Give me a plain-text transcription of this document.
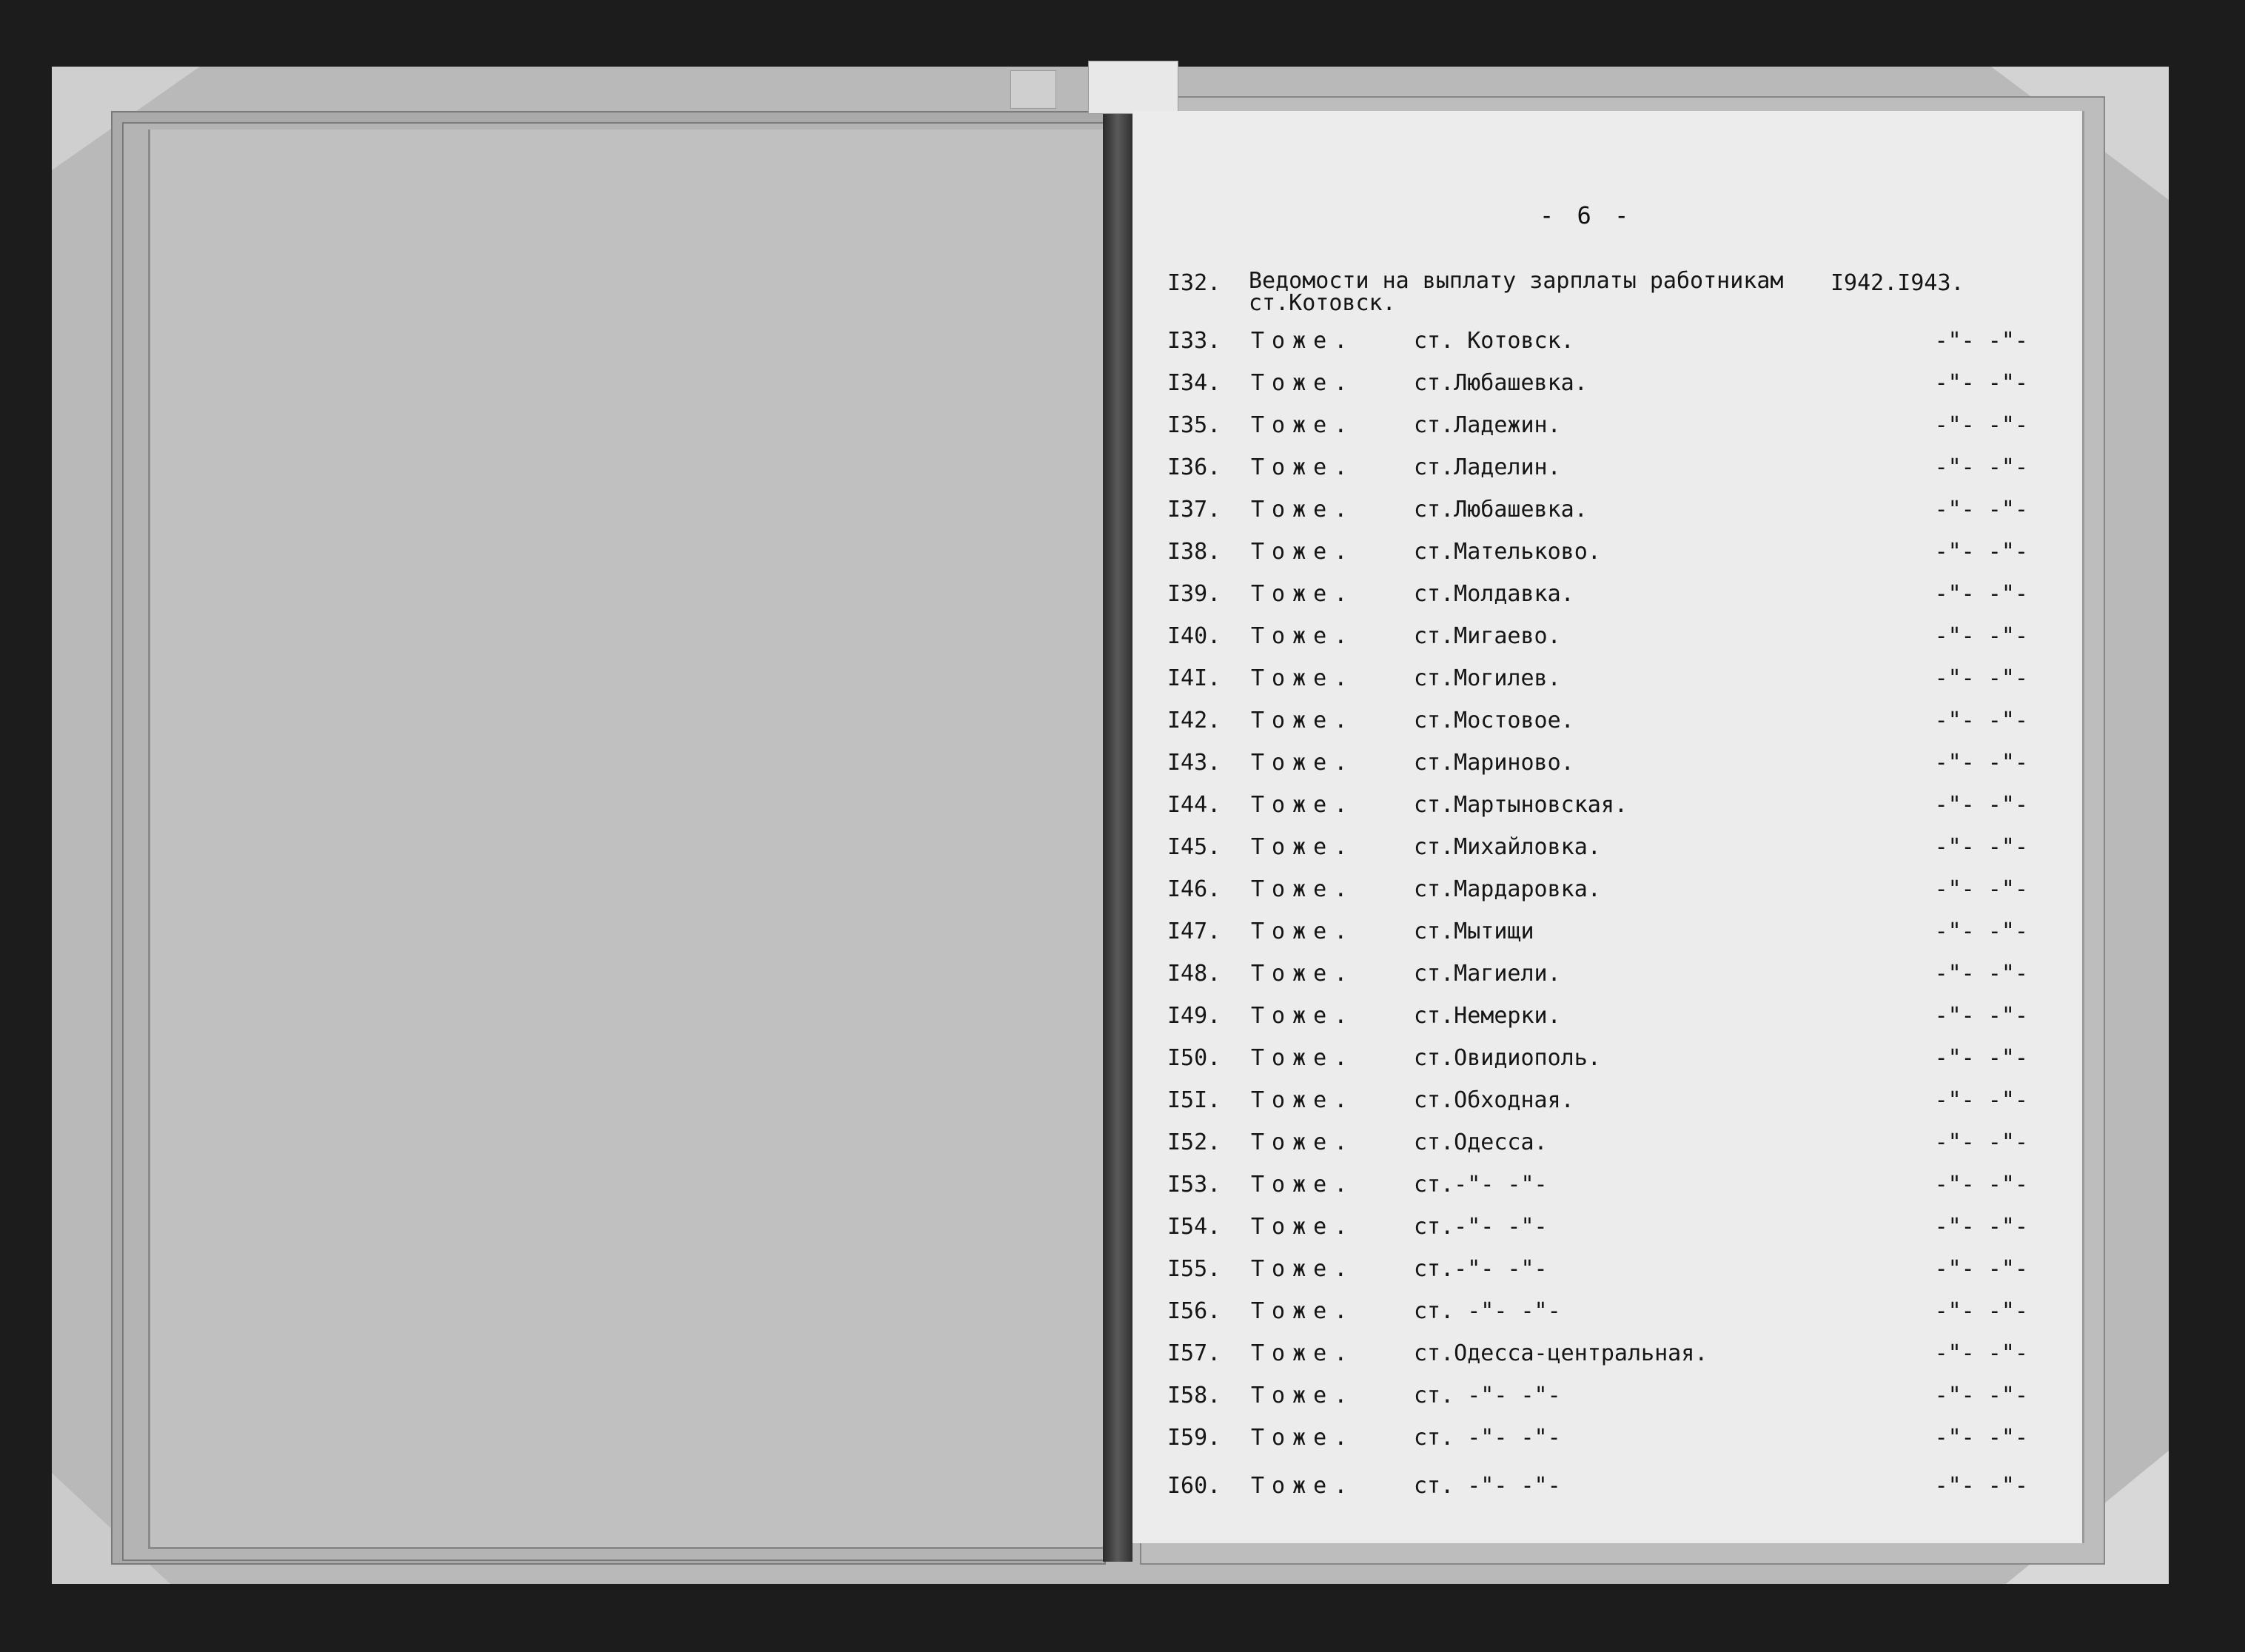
- 6 -
I32.	Ведомости на выплату зарплаты работникам
ст.Котовск.
I942.I943.
I33.	Тоже.	ст. Котовск.	-"- -"-
I34.	Тоже.	ст.Любашевка.	-"- -"-
I35.	Тоже.	ст.Ладежин.	-"- -"-
I36.	Тоже.	ст.Ладелин.	-"- -"-
I37.	Тоже.	ст.Любашевка.	-"- -"-
I38.	Тоже.	ст.Мательково.	-"- -"-
I39.	Тоже.	ст.Молдавка.	-"- -"-
I40.	Тоже.	ст.Мигаево.	-"- -"-
I4I.	Тоже.	ст.Могилев.	-"- -"-
I42.	Тоже.	ст.Мостовое.	-"- -"-
I43.	Тоже.	ст.Мариново.	-"- -"-
I44.	Тоже.	ст.Мартыновская.	-"- -"-
I45.	Тоже.	ст.Михайловка.	-"- -"-
I46.	Тоже.	ст.Мардаровка.	-"- -"-
I47.	Тоже.	ст.Мытищи	-"- -"-
I48.	Тоже.	ст.Магиели.	-"- -"-
I49.	Тоже.	ст.Немерки.	-"- -"-
I50.	Тоже.	ст.Овидиополь.	-"- -"-
I5I.	Тоже.	ст.Обходная.	-"- -"-
I52.	Тоже.	ст.Одесса.	-"- -"-
I53.	Тоже.	ст.-"- -"-	-"- -"-
I54.	Тоже.	ст.-"- -"-	-"- -"-
I55.	Тоже.	ст.-"- -"-	-"- -"-
I56.	Тоже.	ст. -"- -"-	-"- -"-
I57.	Тоже.	ст.Одесса-центральная.	-"- -"-
I58.	Тоже.	ст. -"- -"-	-"- -"-
I59.	Тоже.	ст. -"- -"-	-"- -"-
I60.	Тоже.	ст. -"- -"-	-"- -"-
